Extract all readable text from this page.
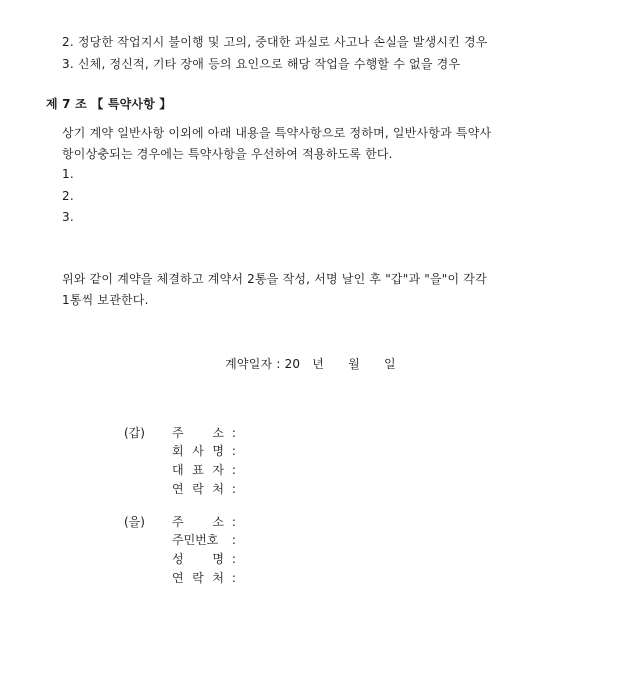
2. 정당한 작업지시 불이행 및 고의, 중대한 과실로 사고나 손실을 발생시킨 경우
3. 신체, 정신적, 기타 장애 등의 요인으로 해당 작업을 수행할 수 없을 경우
제 7 조 【 특약사항 】
상기 계약 일반사항 이외에 아래 내용을 특약사항으로 정하며, 일반사항과 특약사
항이상충되는 경우에는 특약사항을 우선하여 적용하도록 한다.
1.
2.
3.
위와 같이 계약을 체결하고 계약서 2통을 작성, 서명 날인 후 "갑"과 "을"이 각각
1통씩 보관한다.
계약일자 : 20   년      월      일
(갑) 주 소 :
회 사 명 :
대 표 자 :
연 락 처 :
(을) 주 소 :
주민번호 :
성 명 :
연 락 처 :
